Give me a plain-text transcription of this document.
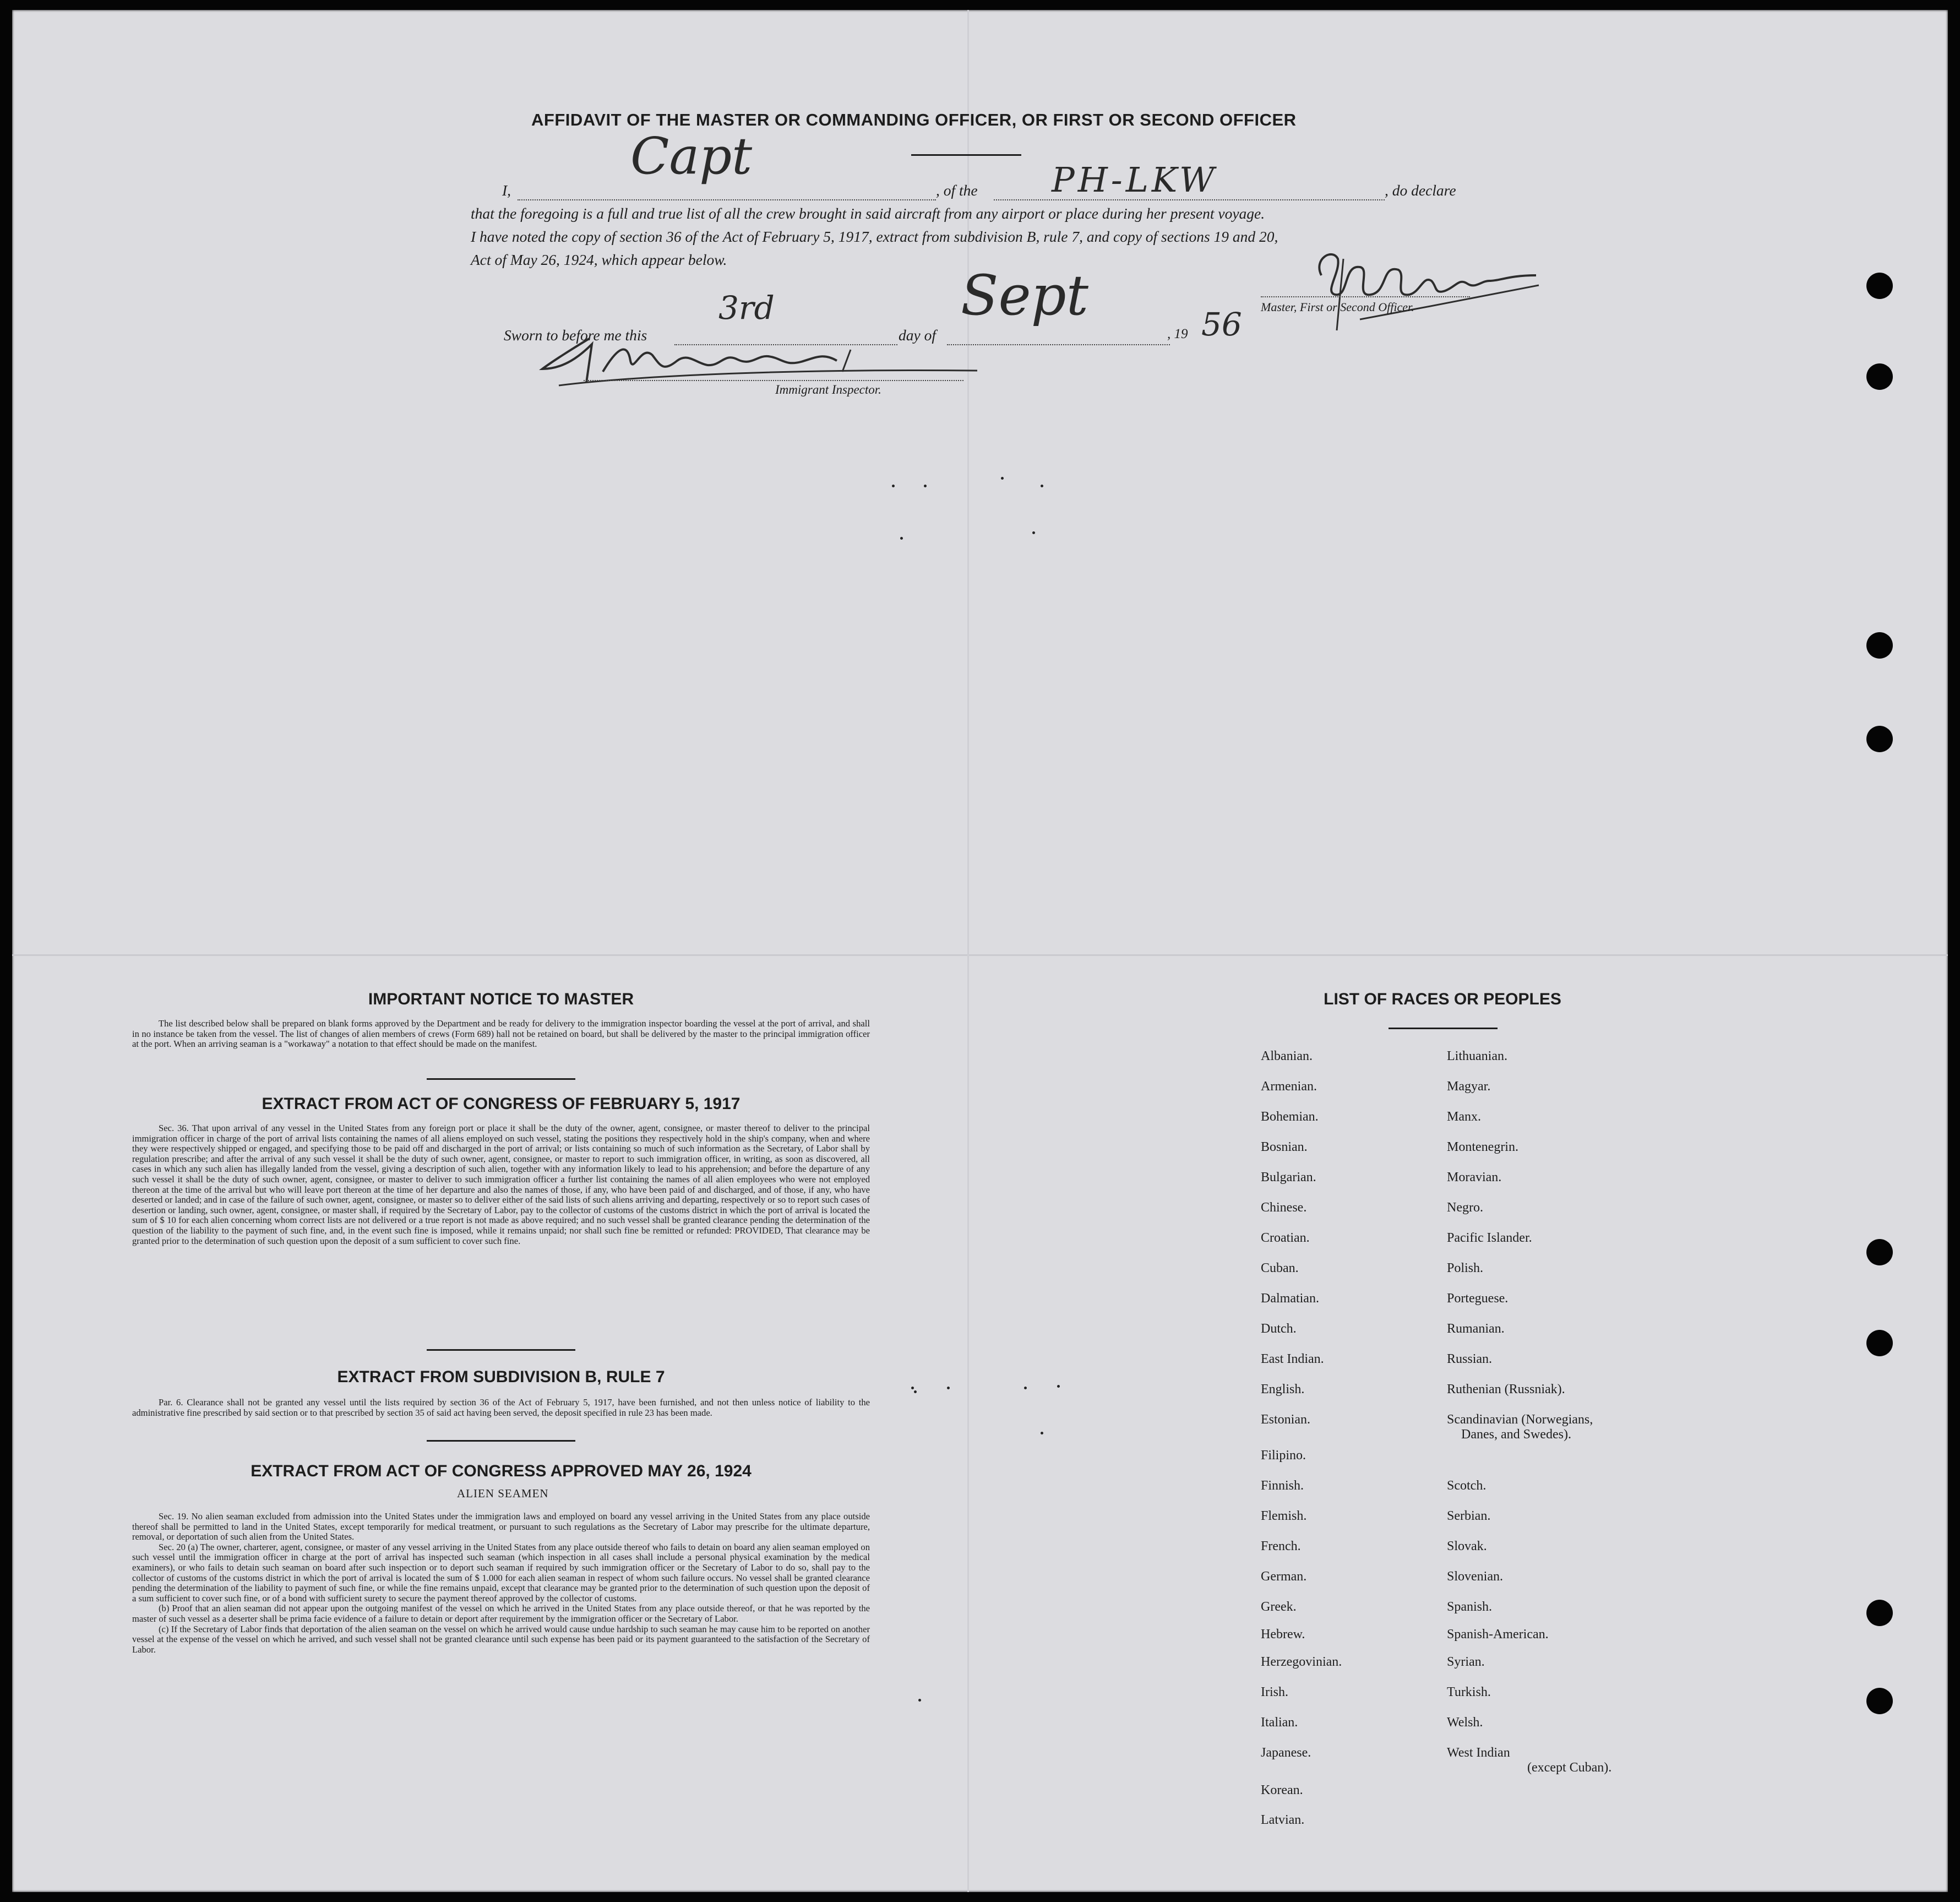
AFFIDAVIT OF THE MASTER OR COMMANDING OFFICER, OR FIRST OR SECOND OFFICER
I,
Capt
, of the PH-LKW	, do declare
that the foregoing is a full and true list of all the crew brought in said aircraft from any airport or place during her present voyage.
I have noted the copy of section 36 of the Act of February 5, 1917, extract from subdivision B, rule 7, and copy of sections 19 and 20,
Act of May 26, 1924, which appear below.
Master, First or Second Officer.
Sworn to before me this
3rd
day of
Sept
, 19 56
Immigrant Inspector.
IMPORTANT NOTICE TO MASTER

The list described below shall be prepared on blank forms approved by the Department and be ready for delivery to the immigration inspector boarding the vessel at the port of arrival, and shall in no instance be taken from the vessel. The list of changes of alien members of crews (Form 689) hall not be retained on board, but shall be delivered by the master to the principal immigration officer at the port. When an arriving seaman is a "workaway" a notation to that effect should be made on the manifest.

EXTRACT FROM ACT OF CONGRESS OF FEBRUARY 5, 1917

Sec. 36. That upon arrival of any vessel in the United States from any foreign port or place it shall be the duty of the owner, agent, consignee, or master thereof to deliver to the principal immigration officer in charge of the port of arrival lists containing the names of all aliens employed on such vessel, stating the positions they respectively hold in the ship's company, when and where they were respectively shipped or engaged, and specifying those to be paid off and discharged in the port of arrival; or lists containing so much of such information as the Secretary, of Labor shall by regulation prescribe; and after the arrival of any such vessel it shall be the duty of such owner, agent, consignee, or master to report to such immigration officer, in writing, as soon as discovered, all cases in which any such alien has illegally landed from the vessel, giving a description of such alien, together with any information likely to lead to his apprehension; and before the departure of any such vessel it shall be the duty of such owner, agent, consignee, or master to deliver to such immigration officer a further list containing the names of all alien employees who were not employed thereon at the time of the arrival but who will leave port thereon at the time of her departure and also the names of those, if any, who have been paid of and discharged, and of those, if any, who have deserted or landed; and in case of the failure of such owner, agent, consignee, or master so to deliver either of the said lists of such aliens arriving and departing, respectively or so to report such cases of desertion or landing, such owner, agent, consignee, or master shall, if required by the Secretary of Labor, pay to the collector of customs of the customs district in which the port of arrival is located the sum of $ 10 for each alien concerning whom correct lists are not delivered or a true report is not made as above required; and no such vessel shall be granted clearance pending the determination of the question of the liability to the payment of such fine, and, in the event such fine is imposed, while it remains unpaid; nor shall such fine be remitted or refunded: PROVIDED, That clearance may be granted prior to the determination of such question upon the deposit of a sum sufficient to cover such fine.

EXTRACT FROM SUBDIVISION B, RULE 7

Par. 6. Clearance shall not be granted any vessel until the lists required by section 36 of the Act of February 5, 1917, have been furnished, and not then unless notice of liability to the administrative fine prescribed by said section or to that prescribed by section 35 of said act having been served, the deposit specified in rule 23 has been made.

EXTRACT FROM ACT OF CONGRESS APPROVED MAY 26, 1924
ALIEN SEAMEN

Sec. 19. No alien seaman excluded from admission into the United States under the immigration laws and employed on board any vessel arriving in the United States from any place outside thereof shall be permitted to land in the United States, except temporarily for medical treatment, or pursuant to such regulations as the Secretary of Labor may prescribe for the ultimate departure, removal, or deportation of such alien from the United States.

Sec. 20 (a) The owner, charterer, agent, consignee, or master of any vessel arriving in the United States from any place outside thereof who fails to detain on board any alien seaman employed on such vessel until the immigration officer in charge at the port of arrival has inspected such seaman (which inspection in all cases shall include a personal physical examination by the medical examiners), or who fails to detain such seaman on board after such inspection or to deport such seaman if required by such immigration officer or the Secretary of Labor to do so, shall pay to the collector of customs of the customs district in which the port of arrival is located the sum of $ 1.000 for each alien seaman in respect of whom such failure occurs. No vessel shall be granted clearance pending the determination of the liability to payment of such fine, or while the fine remains unpaid, except that clearance may be granted prior to the determination of such question upon the deposit of a sum sufficient to cover such fine, or of a bond with sufficient surety to secure the payment thereof approved by the collector of customs.

(b) Proof that an alien seaman did not appear upon the outgoing manifest of the vessel on which he arrived in the United States from any place outside thereof, or that he was reported by the master of such vessel as a deserter shall be prima facie evidence of a failure to detain or deport after requirement by the immigration officer or the Secretary of Labor.

(c) If the Secretary of Labor finds that deportation of the alien seaman on the vessel on which he arrived would cause undue hardship to such seaman he may cause him to be reported on another vessel at the expense of the vessel on which he arrived, and such vessel shall not be granted clearance until such expense has been paid or its payment guaranteed to the satisfaction of the Secretary of Labor.

LIST OF RACES OR PEOPLES
Albanian.
Armenian.
Bohemian.
Bosnian.
Bulgarian.
Chinese.
Croatian.
Cuban.
Dalmatian.
Dutch.
East Indian.
English.
Estonian.
Filipino.
Finnish.
Flemish.
French.
German.
Greek.
Hebrew.
Herzegovinian.
Irish.
Italian.
Japanese.
Korean.
Latvian.
Lithuanian.
Magyar.
Manx.
Montenegrin.
Moravian.
Negro.
Pacific Islander.
Polish.
Porteguese.
Rumanian.
Russian.
Ruthenian (Russniak).
Scandinavian (Norwegians,
Danes, and Swedes).
Scotch.
Serbian.
Slovak.
Slovenian.
Spanish.
Spanish-American.
Syrian.
Turkish.
Welsh.
West Indian
(except Cuban).
